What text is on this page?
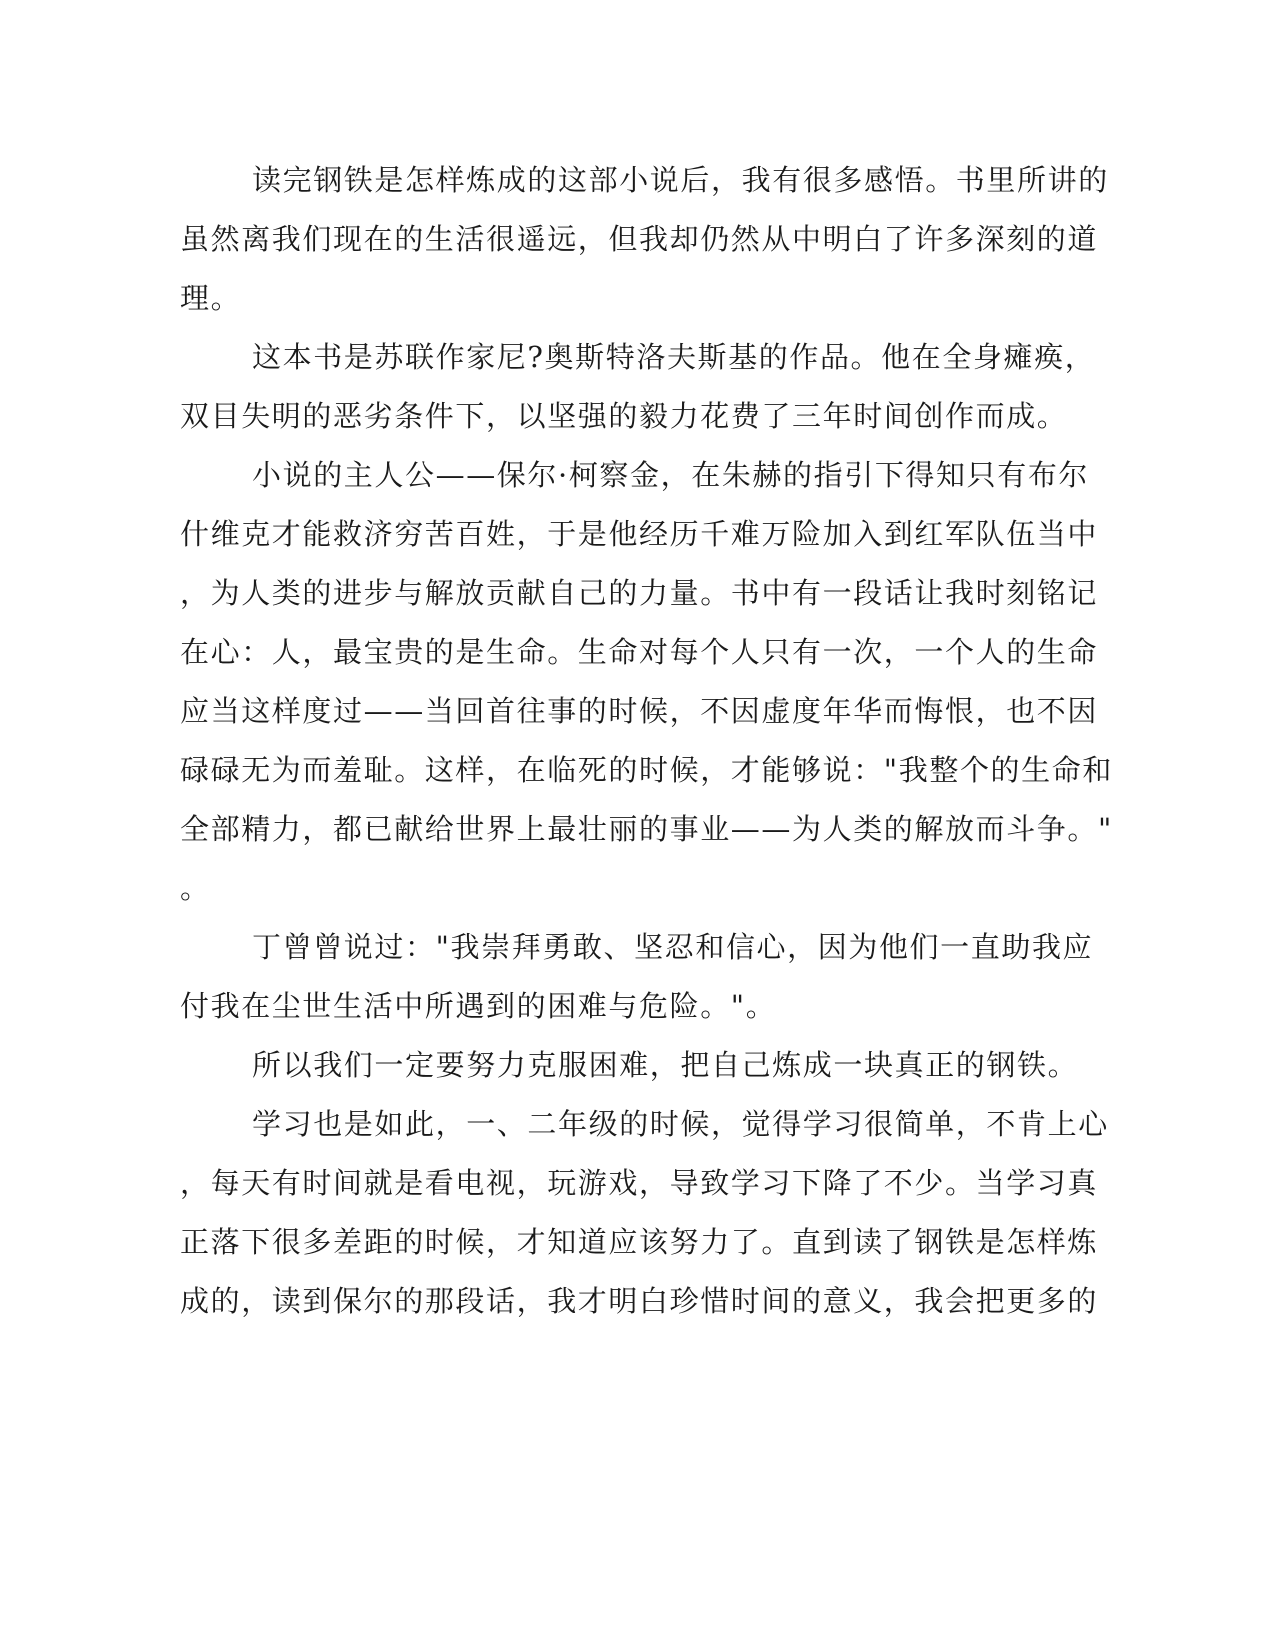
读完钢铁是怎样炼成的这部小说后，我有很多感悟。书里所讲的
虽然离我们现在的生活很遥远，但我却仍然从中明白了许多深刻的道
理。
这本书是苏联作家尼?奥斯特洛夫斯基的作品。他在全身瘫痪，
双目失明的恶劣条件下，以坚强的毅力花费了三年时间创作而成。
小说的主人公——保尔·柯察金，在朱赫的指引下得知只有布尔
什维克才能救济穷苦百姓，于是他经历千难万险加入到红军队伍当中
，为人类的进步与解放贡献自己的力量。书中有一段话让我时刻铭记
在心：人，最宝贵的是生命。生命对每个人只有一次，一个人的生命
应当这样度过——当回首往事的时候，不因虚度年华而悔恨，也不因
碌碌无为而羞耻。这样，在临死的时候，才能够说："我整个的生命和
全部精力，都已献给世界上最壮丽的事业——为人类的解放而斗争。"
。
丁曾曾说过："我崇拜勇敢、坚忍和信心，因为他们一直助我应
付我在尘世生活中所遇到的困难与危险。"。
所以我们一定要努力克服困难，把自己炼成一块真正的钢铁。
学习也是如此，一、二年级的时候，觉得学习很简单，不肯上心
，每天有时间就是看电视，玩游戏，导致学习下降了不少。当学习真
正落下很多差距的时候，才知道应该努力了。直到读了钢铁是怎样炼
成的，读到保尔的那段话，我才明白珍惜时间的意义，我会把更多的
